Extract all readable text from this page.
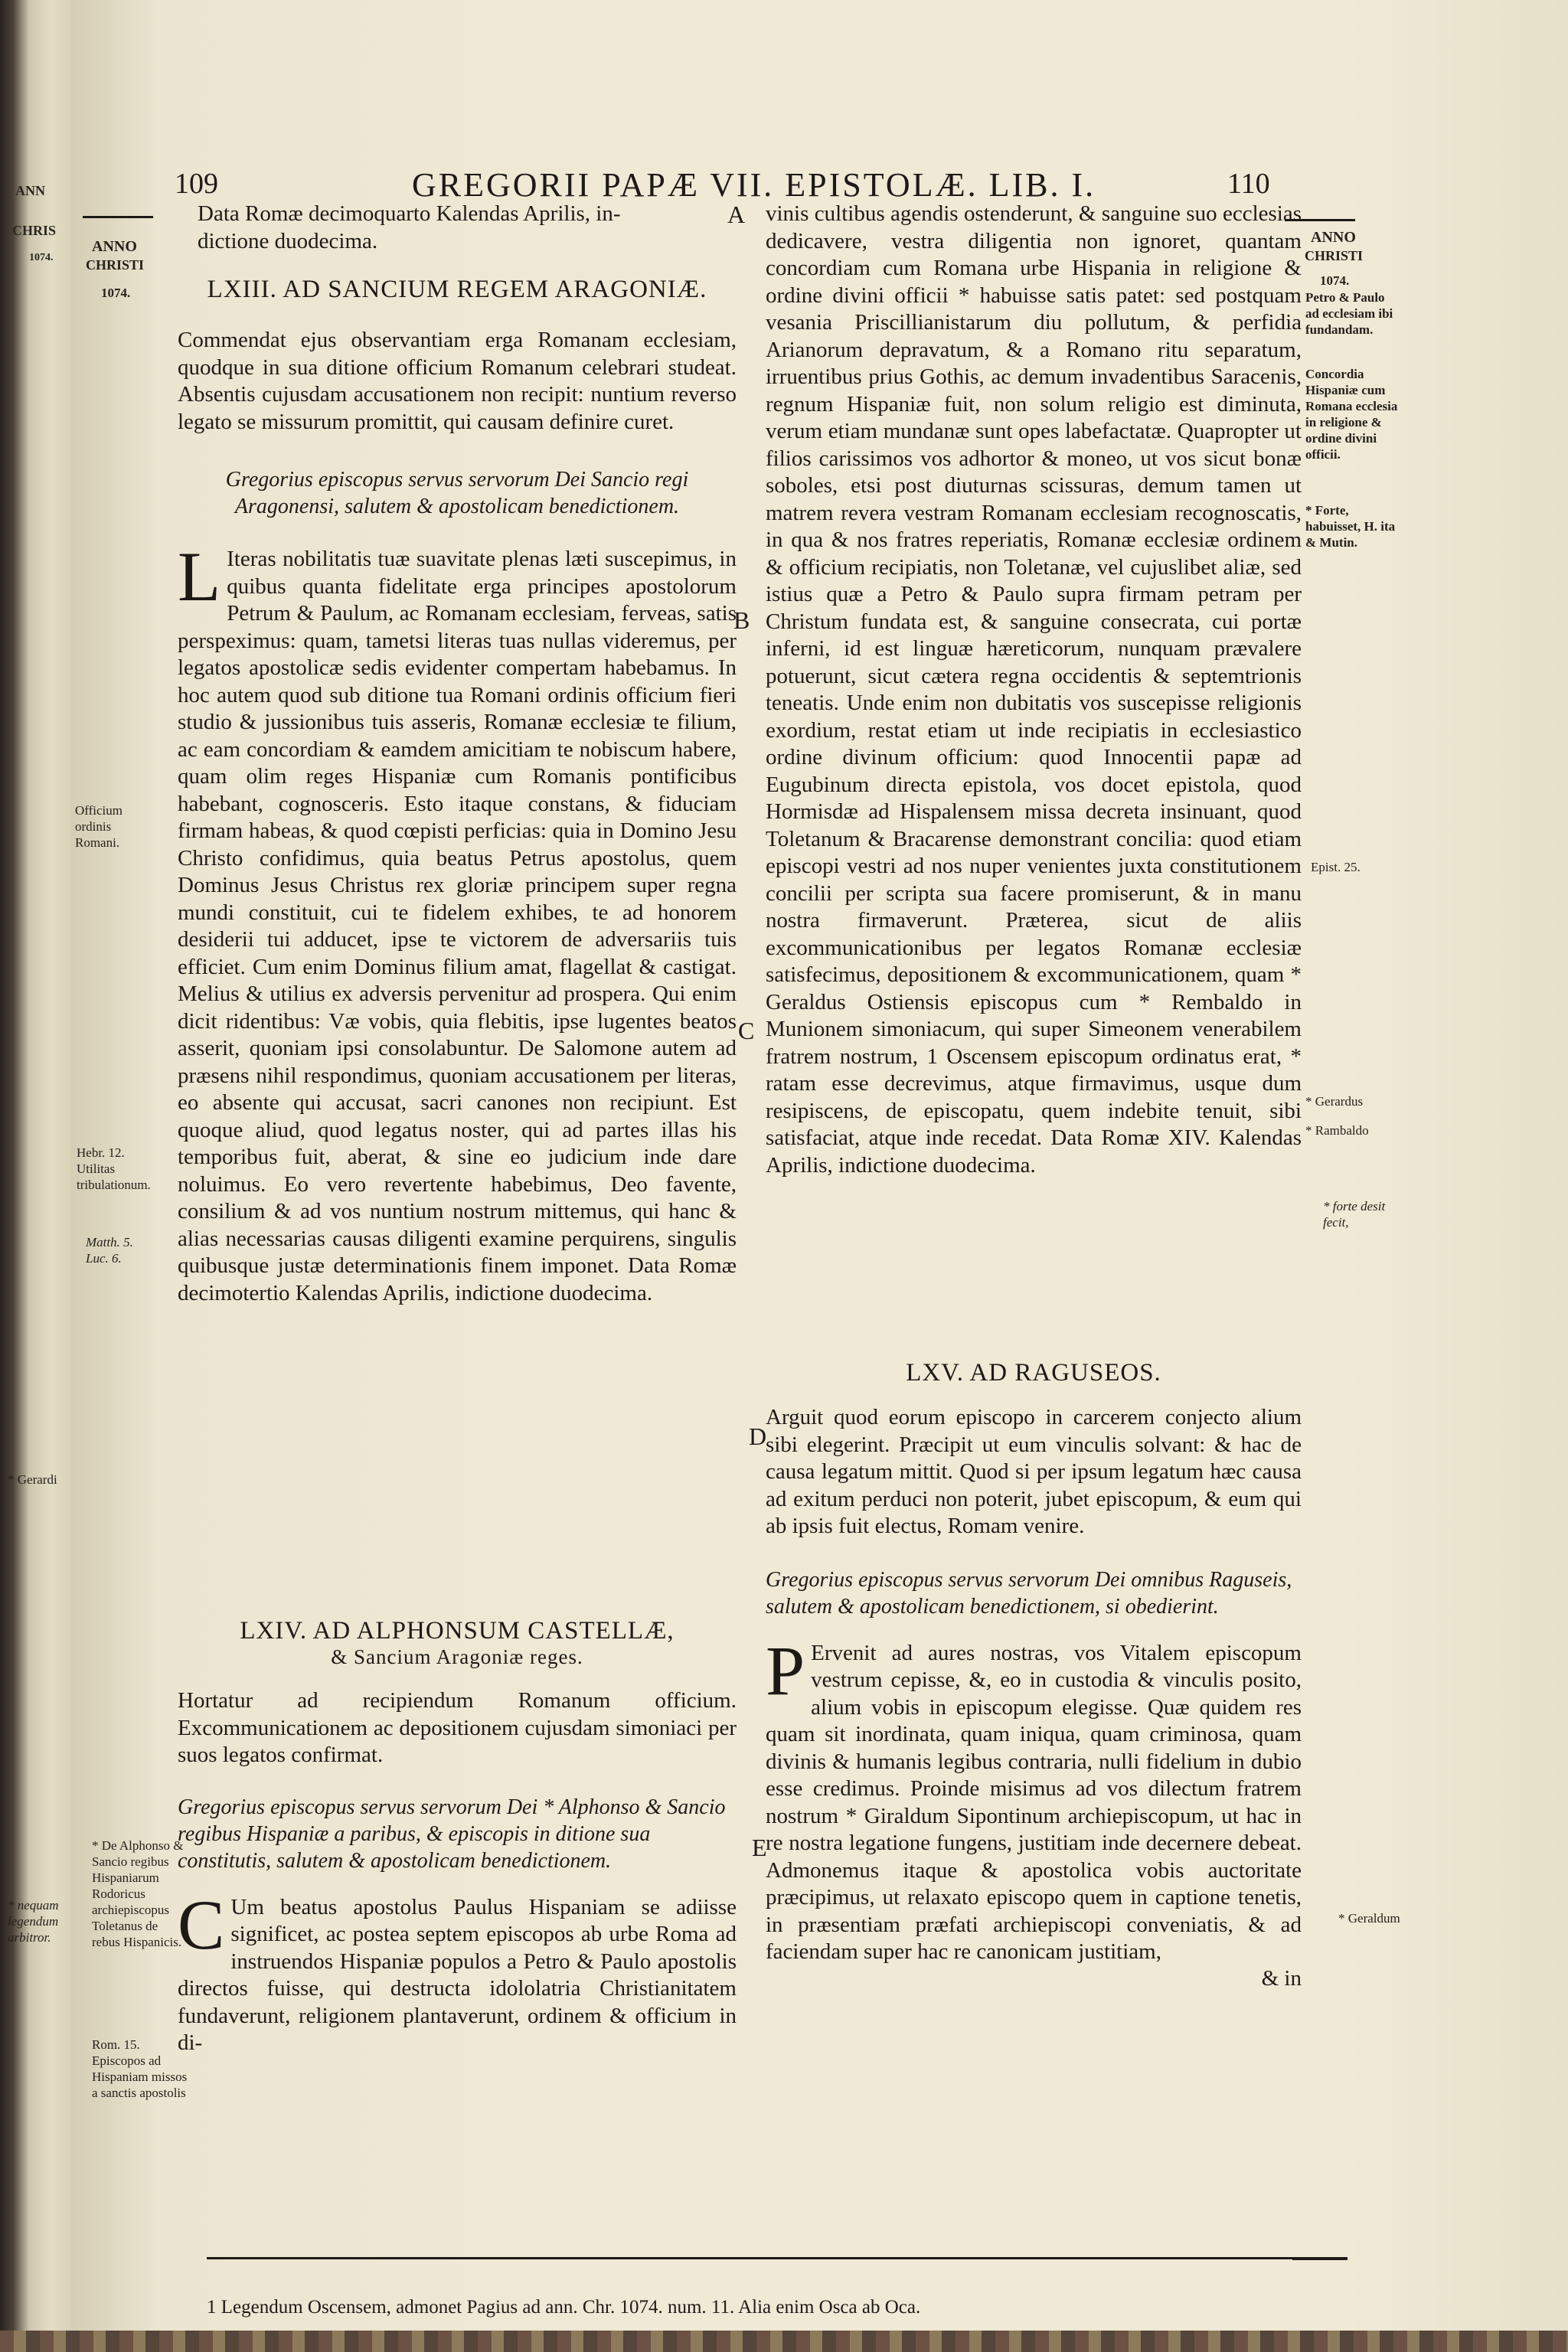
ANN
CHRIS
1074.
109	GREGORII PAPÆ VII. EPISTOLÆ. LIB. I.	110

Data Romæ decimoquarto Kalendas Aprilis, in-

dictione duodecima.

LXIII. AD SANCIUM REGEM ARAGONIÆ.

Commendat ejus observantiam erga Romanam ecclesiam, quodque in sua ditione officium Romanum celebrari studeat. Absentis cujusdam accusationem non recipit: nuntium reverso legato se missurum promittit, qui causam definire curet.

Gregorius episcopus servus servorum Dei Sancio regi Aragonensi, salutem & apostolicam benedictionem.

L Iteras nobilitatis tuæ suavitate plenas læti suscepimus, in quibus quanta fidelitate erga principes apostolorum Petrum & Paulum, ac Romanam ecclesiam, ferveas, satis perspeximus: quam, tametsi literas tuas nullas videremus, per legatos apostolicæ sedis evidenter compertam habebamus. In hoc autem quod sub ditione tua Romani ordinis officium fieri studio & jussionibus tuis asseris, Romanæ ecclesiæ te filium, ac eam concordiam & eamdem amicitiam te nobiscum habere, quam olim reges Hispaniæ cum Romanis pontificibus habebant, cognosceris. Esto itaque constans, & fiduciam firmam habeas, & quod cœpisti perficias: quia in Domino Jesu Christo confidimus, quia beatus Petrus apostolus, quem Dominus Jesus Christus rex gloriæ principem super regna mundi constituit, cui te fidelem exhibes, te ad honorem desiderii tui adducet, ipse te victorem de adversariis tuis efficiet. Cum enim Dominus filium amat, flagellat & castigat. Melius & utilius ex adversis pervenitur ad prosperа. Qui enim dicit ridentibus: Væ vobis, quia flebitis, ipse lugentes beatos asserit, quoniam ipsi consolabuntur. De Salomone autem ad præsens nihil respondimus, quoniam accusationem per literas, eo absente qui accusat, sacri canones non recipiunt. Est quoque aliud, quod legatus noster, qui ad partes illas his temporibus fuit, aberat, & sine eo judicium inde dare noluimus. Eo vero revertente habebimus, Deo favente, consilium & ad vos nuntium nostrum mittemus, qui hanc & alias necessarias causas diligenti examine perquirens, singulis quibusque justæ determinationis finem imponet. Data Romæ decimotertio Kalendas Aprilis, indictione duodecima.

LXIV. AD ALPHONSUM CASTELLÆ,

& Sancium Aragoniæ reges.

Hortatur ad recipiendum Romanum officium. Excommunicationem ac depositionem cujusdam simoniaci per suos legatos confirmat.

Gregorius episcopus servus servorum Dei * Alphonso & Sancio regibus Hispaniæ a paribus, & episcopis in ditione sua constitutis, salutem & apostolicam benedictionem.

C Um beatus apostolus Paulus Hispaniam se adiisse significet, ac postea septem episcopos ab urbe Roma ad instruendos Hispaniæ populos a Petro & Paulo apostolis directos fuisse, qui destructa idololatria Christianitatem fundaverunt, religionem plantaverunt, ordinem & officium in di-

vinis cultibus agendis ostenderunt, & sanguine suo ecclesias dedicavere, vestra diligentia non ignoret, quantam concordiam cum Romana urbe Hispania in religione & ordine divini officii * habuisse satis patet: sed postquam vesania Priscillianistarum diu pollutum, & perfidia Arianorum depravatum, & a Romano ritu separatum, irruentibus prius Gothis, ac demum invadentibus Saracenis, regnum Hispaniæ fuit, non solum religio est diminuta, verum etiam mundanæ sunt opes labefactatæ. Quapropter ut filios carissimos vos adhortor & moneo, ut vos sicut bonæ soboles, etsi post diuturnas scissuras, demum tamen ut matrem revera vestram Romanam ecclesiam recognoscatis, in qua & nos fratres reperiatis, Romanæ ecclesiæ ordinem & officium recipiatis, non Toletanæ, vel cujuslibet aliæ, sed istius quæ a Petro & Paulo supra firmam petram per Christum fundata est, & sanguine consecrata, cui portæ inferni, id est linguæ hæreticorum, nunquam prævalere potuerunt, sicut cætera regna occidentis & septemtrionis teneatis. Unde enim non dubitatis vos suscepisse religionis exordium, restat etiam ut inde recipiatis in ecclesiastico ordine divinum officium: quod Innocentii papæ ad Eugubinum directa epistola, vos docet epistola, quod Hormisdæ ad Hispalensem missa decreta insinuant, quod Toletanum & Bracarense demonstrant concilia: quod etiam episcopi vestri ad nos nuper venientes juxta constitutionem concilii per scripta sua facere promiserunt, & in manu nostra firmaverunt. Præterea, sicut de aliis excommunicationibus per legatos Romanæ ecclesiæ satisfecimus, depositionem & excommunicationem, quam * Geraldus Ostiensis episcopus cum * Rembaldo in Munionem simoniacum, qui super Simeonem venerabilem fratrem nostrum, 1 Oscensem episcopum ordinatus erat, * ratam esse decrevimus, atque firmavimus, usque dum resipiscens, de episcopatu, quem indebite tenuit, sibi satisfaciat, atque inde recedat. Data Romæ XIV. Kalendas Aprilis, indictione duodecima.

LXV. AD RAGUSEOS.

Arguit quod eorum episcopo in carcerem conjecto alium sibi elegerint. Præcipit ut eum vinculis solvant: & hac de causa legatum mittit. Quod si per ipsum legatum hæc causa ad exitum perduci non poterit, jubet episcopum, & eum qui ab ipsis fuit electus, Romam venire.

Gregorius episcopus servus servorum Dei omnibus Raguseis, salutem & apostolicam benedictionem, si obedierint.

P Ervenit ad aures nostras, vos Vitalem episcopum vestrum cepisse, &, eo in custodia & vinculis posito, alium vobis in episcopum elegisse. Quæ quidem res quam sit inordinata, quam iniqua, quam criminosa, quam divinis & humanis legibus contraria, nulli fidelium in dubio esse credimus. Proinde misimus ad vos dilectum fratrem nostrum * Giraldum Sipontinum archiepiscopum, ut hac in re nostra legatione fungens, justitiam inde decernere debeat. Admonemus itaque & apostolica vobis auctoritate præcipimus, ut relaxato episcopo quem in captione tenetis, in præsentiam præfati archiepiscopi conveniatis, & ad faciendam super hac re canonicam justitiam,
& in
A
B
C
D
E
ANNO
CHRISTI
1074.
Officium ordinis Romani.
Hebr. 12. Utilitas tribulationum.
Matth. 5. Luc. 6.
* Gerardi
* De Alphonso & Sancio regibus Hispaniarum Rodoricus archiepiscopus Toletanus de rebus Hispanicis.
* nequam legendum arbitror.
Rom. 15. Episcopos ad Hispaniam missos a sanctis apostolis
ANNO
CHRISTI
1074.
Petro & Paulo ad ecclesiam ibi fundandam.
Concordia Hispaniæ cum Romana ecclesia in religione & ordine divini officii.
* Forte, habuisset, H. ita & Mutin.
Epist. 25.
* Gerardus
* Rambaldo
* forte desit fecit,
* Geraldum
1 Legendum Oscensem, admonet Pagius ad ann. Chr. 1074. num. 11. Alia enim Osca ab Oca.
